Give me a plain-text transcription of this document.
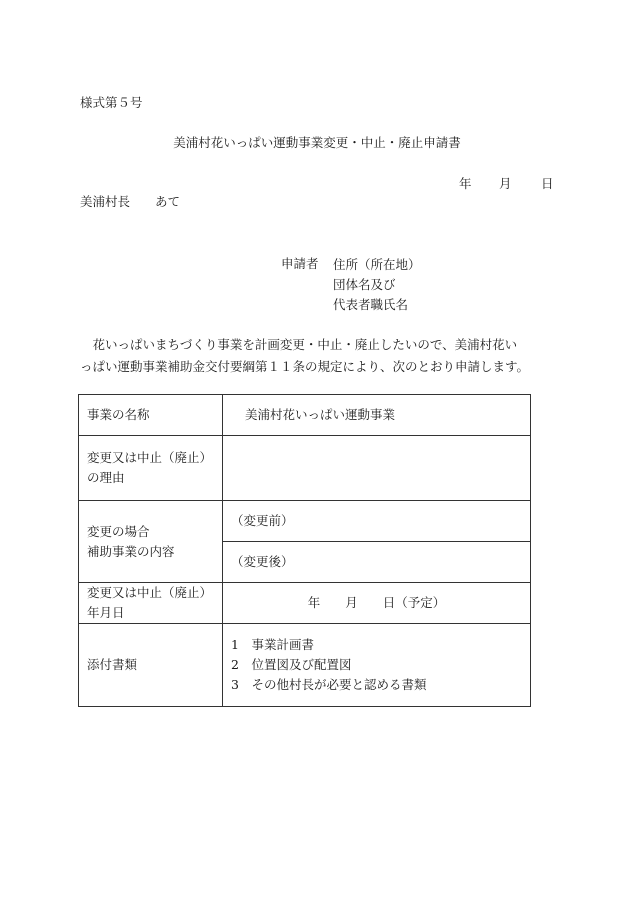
様式第５号
美浦村花いっぱい運動事業変更・中止・廃止申請書
年 月 日
美浦村長　　あて
申請者 住所（所在地）
団体名及び
代表者職氏名

　花いっぱいまちづくり事業を計画変更・中止・廃止したいので、美浦村花い

っぱい運動事業補助金交付要綱第１１条の規定により、次のとおり申請します。

事業の名称	美浦村花いっぱい運動事業

変更又は中止（廃止）
の理由	

変更の場合
補助事業の内容	（変更前）
	（変更後）

変更又は中止（廃止）
年月日	年　　月　　日（予定）
添付書類	1　事業計画書
2　位置図及び配置図
3　その他村長が必要と認める書類
